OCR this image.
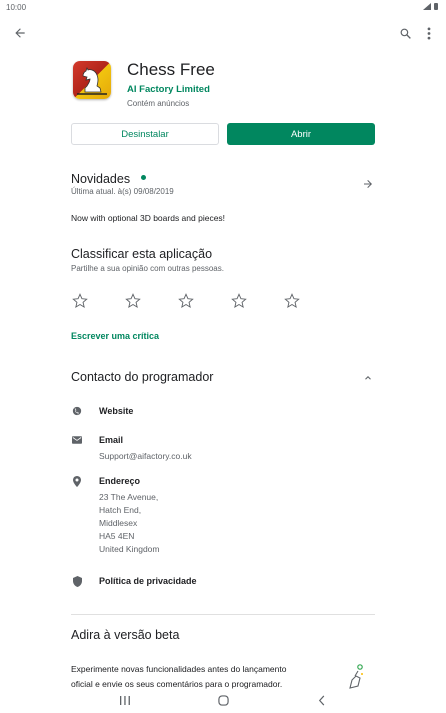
10:00
Chess Free
AI Factory Limited
Contém anúncios
Desinstalar	Abrir
Novidades
Última atual. à(s) 09/08/2019
Now with optional 3D boards and pieces!
Classificar esta aplicação
Partilhe a sua opinião com outras pessoas.
Escrever uma crítica
Contacto do programador
Website
Email
Support@aifactory.co.uk
Endereço
23 The Avenue,
Hatch End,
Middlesex
HA5 4EN
United Kingdom
Política de privacidade
Adira à versão beta
Experimente novas funcionalidades antes do lançamento
oficial e envie os seus comentários para o programador.
